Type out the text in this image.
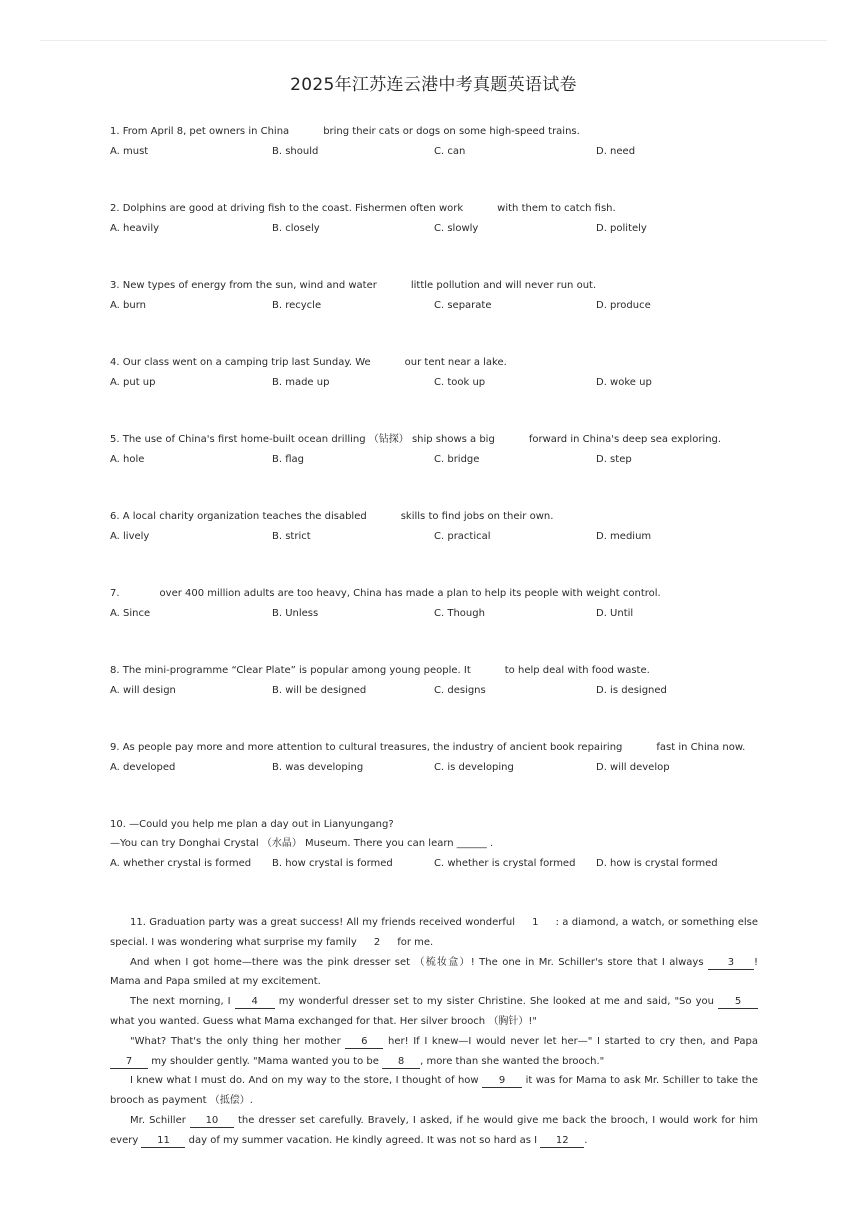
2025年江苏连云港中考真题英语试卷
1. From April 8, pet owners in China	bring their cats or dogs on some high-speed trains.
A. must	B. should	C. can	D. need
2. Dolphins are good at driving fish to the coast. Fishermen often work	with them to catch fish.
A. heavily	B. closely	C. slowly	D. politely
3. New types of energy from the sun, wind and water	little pollution and will never run out.
A. burn	B. recycle	C. separate	D. produce
4. Our class went on a camping trip last Sunday. We	our tent near a lake.
A. put up	B. made up	C. took up	D. woke up
5. The use of China's first home-built ocean drilling （钻探） ship shows a big	forward in China's deep sea exploring.
A. hole	B. flag	C. bridge	D. step
6. A local charity organization teaches the disabled	skills to find jobs on their own.
A. lively	B. strict	C. practical	D. medium
7.	over 400 million adults are too heavy, China has made a plan to help its people with weight control.
A. Since	B. Unless	C. Though	D. Until
8. The mini-programme “Clear Plate” is popular among young people. It	to help deal with food waste.
A. will design	B. will be designed	C. designs	D. is designed
9. As people pay more and more attention to cultural treasures, the industry of ancient book repairing	fast in China now.
A. developed	B. was developing	C. is developing	D. will develop
10. —Could you help me plan a day out in Lianyungang?
—You can try Donghai Crystal （水晶） Museum. There you can learn ______ .
A. whether crystal is formed B. how crystal is formed	C. whether is crystal formed D. how is crystal formed

11. Graduation party was a great success! All my friends received wonderful 1 : a diamond, a watch, or something else special. I was wondering what surprise my family 2 for me.

And when I got home—there was the pink dresser set （梳妆盒）! The one in Mr. Schiller's store that I always 3 ! Mama and Papa smiled at my excitement.

The next morning, I 4 my wonderful dresser set to my sister Christine. She looked at me and said, "So you 5 what you wanted. Guess what Mama exchanged for that. Her silver brooch （胸针）!"

"What? That's the only thing her mother 6 her! If I knew—I would never let her—" I started to cry then, and Papa 7 my shoulder gently. "Mama wanted you to be 8 , more than she wanted the brooch."

I knew what I must do. And on my way to the store, I thought of how 9 it was for Mama to ask Mr. Schiller to take the brooch as payment （抵偿）.

Mr. Schiller 10 the dresser set carefully. Bravely, I asked, if he would give me back the brooch, I would work for him every 11 day of my summer vacation. He kindly agreed. It was not so hard as I 12 .
